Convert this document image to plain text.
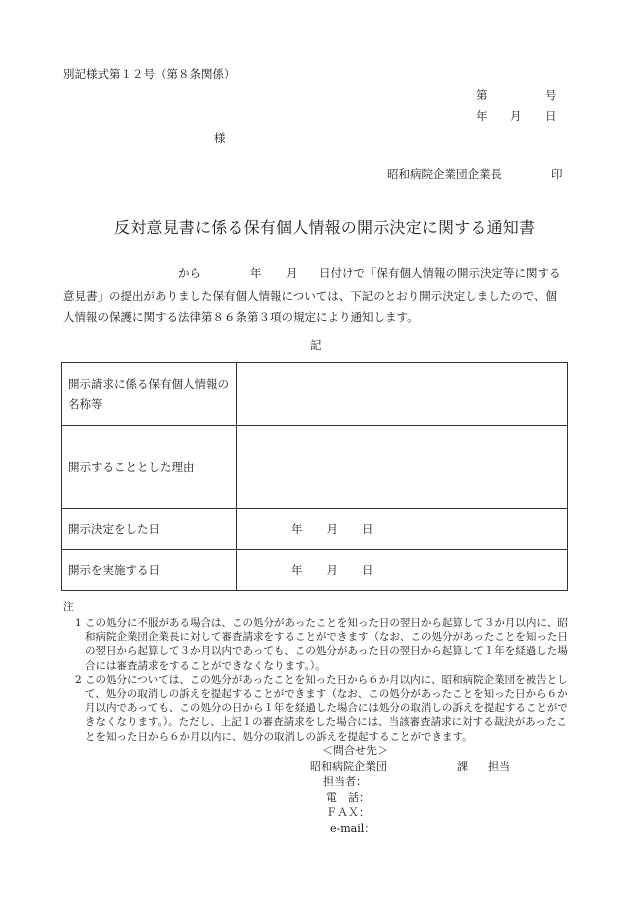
別記様式第１２号（第８条関係）
第	号
年 月 日
様
昭和病院企業団企業長	印
反対意見書に係る保有個人情報の開示決定に関する通知書
から	年 月 日付けで「保有個人情報の開示決定等に関する
意見書」の提出がありました保有個人情報については、下記のとおり開示決定しましたので、個
人情報の保護に関する法律第８６条第３項の規定により通知します。
記
開示請求に係る保有個人情報の名称等	
開示することとした理由	
開示決定をした日	年 月 日
開示を実施する日	年 月 日
注
1 この処分に不服がある場合は、この処分があったことを知った日の翌日から起算して３か月以内に、昭和病院企業団企業長に対して審査請求をすることができます（なお、この処分があったことを知った日の翌日から起算して３か月以内であっても、この処分があった日の翌日から起算して１年を経過した場合には審査請求をすることができなくなります。）。
2 この処分については、この処分があったことを知った日から６か月以内に、昭和病院企業団を被告として、処分の取消しの訴えを提起することができます（なお、この処分があったことを知った日から６か月以内であっても、この処分の日から１年を経過した場合には処分の取消しの訴えを提起することができなくなります。）。ただし、上記１の審査請求をした場合には、当該審査請求に対する裁決があったことを知った日から６か月以内に、処分の取消しの訴えを提起することができます。
＜問合せ先＞
昭和病院企業団	課 担当
担当者：
電　話：
ＦＡＸ：
e-mail：
